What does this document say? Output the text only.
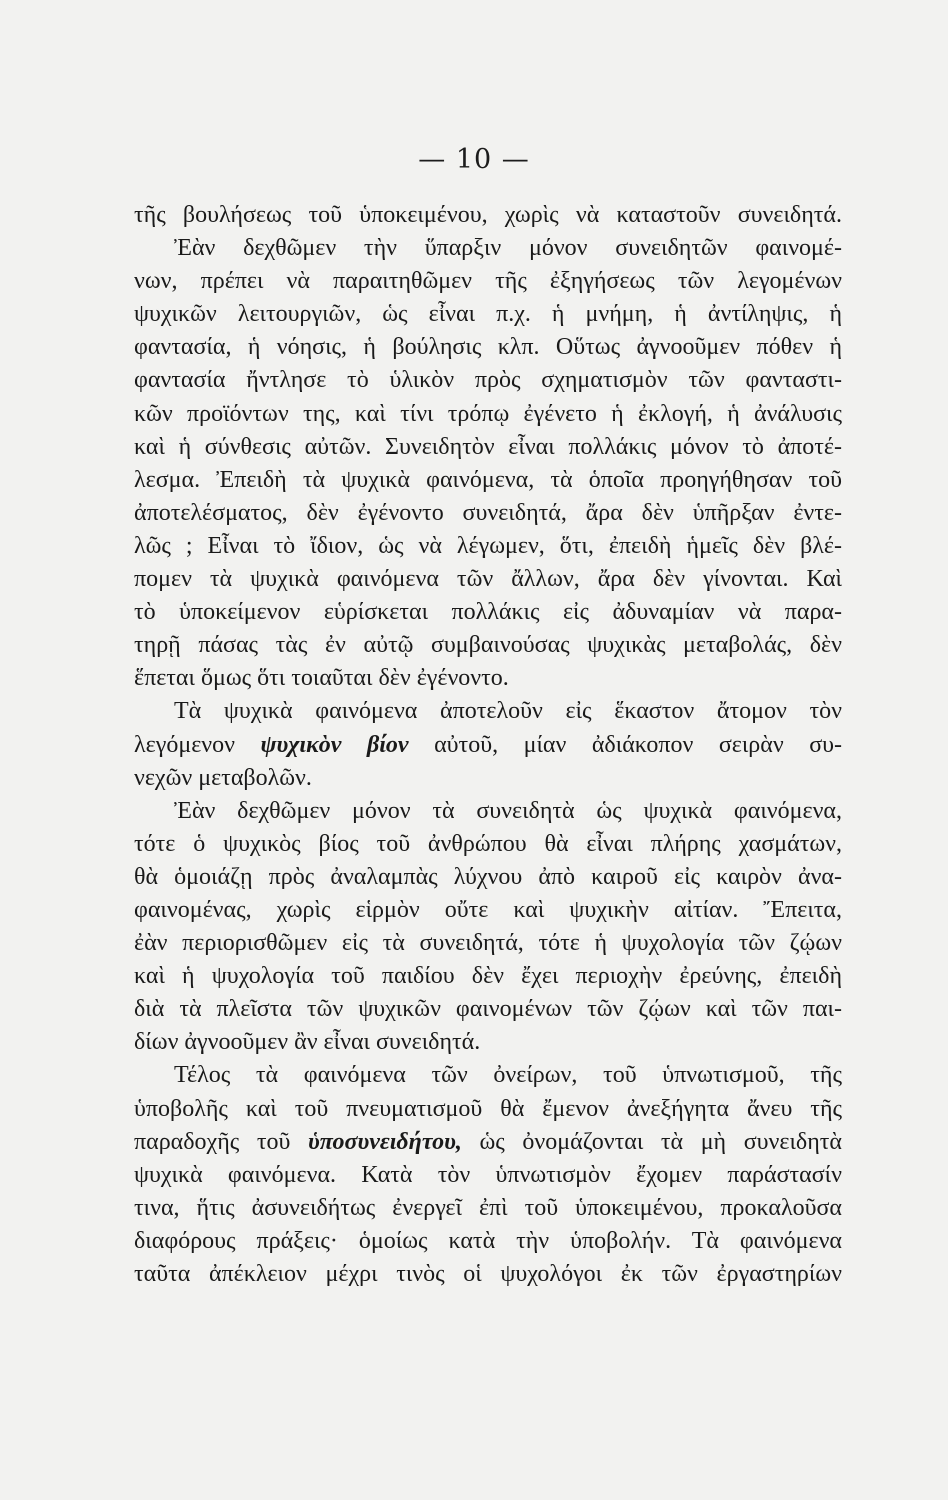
— 10 —
τῆς βουλήσεως τοῦ ὑποκειμένου, χωρὶς νὰ καταστοῦν συνειδητά.
Ἐὰν δεχθῶμεν τὴν ὕπαρξιν μόνον συνειδητῶν φαινομέ-
νων, πρέπει νὰ παραιτηθῶμεν τῆς ἐξηγήσεως τῶν λεγομένων
ψυχικῶν λειτουργιῶν, ὡς εἶναι π.χ. ἡ μνήμη, ἡ ἀντίληψις, ἡ
φαντασία, ἡ νόησις, ἡ βούλησις κλπ. Οὕτως ἀγνοοῦμεν πόθεν ἡ
φαντασία ἤντλησε τὸ ὑλικὸν πρὸς σχηματισμὸν τῶν φανταστι-
κῶν προϊόντων της, καὶ τίνι τρόπῳ ἐγένετο ἡ ἐκλογή, ἡ ἀνάλυσις
καὶ ἡ σύνθεσις αὐτῶν. Συνειδητὸν εἶναι πολλάκις μόνον τὸ ἀποτέ-
λεσμα. Ἐπειδὴ τὰ ψυχικὰ φαινόμενα, τὰ ὁποῖα προηγήθησαν τοῦ
ἀποτελέσματος, δὲν ἐγένοντο συνειδητά, ἄρα δὲν ὑπῆρξαν ἐντε-
λῶς ; Εἶναι τὸ ἴδιον, ὡς νὰ λέγωμεν, ὅτι, ἐπειδὴ ἡμεῖς δὲν βλέ-
πομεν τὰ ψυχικὰ φαινόμενα τῶν ἄλλων, ἄρα δὲν γίνονται. Καὶ
τὸ ὑποκείμενον εὑρίσκεται πολλάκις εἰς ἀδυναμίαν νὰ παρα-
τηρῇ πάσας τὰς ἐν αὐτῷ συμβαινούσας ψυχικὰς μεταβολάς, δὲν
ἕπεται ὅμως ὅτι τοιαῦται δὲν ἐγένοντο.
Τὰ ψυχικὰ φαινόμενα ἀποτελοῦν εἰς ἕκαστον ἄτομον τὸν
λεγόμενον ψυχικὸν βίον αὐτοῦ, μίαν ἀδιάκοπον σειρὰν συ-
νεχῶν μεταβολῶν.
Ἐὰν δεχθῶμεν μόνον τὰ συνειδητὰ ὡς ψυχικὰ φαινόμενα,
τότε ὁ ψυχικὸς βίος τοῦ ἀνθρώπου θὰ εἶναι πλήρης χασμάτων,
θὰ ὁμοιάζῃ πρὸς ἀναλαμπὰς λύχνου ἀπὸ καιροῦ εἰς καιρὸν ἀνα-
φαινομένας, χωρὶς εἱρμὸν οὔτε καὶ ψυχικὴν αἰτίαν. Ἔπειτα,
ἐὰν περιορισθῶμεν εἰς τὰ συνειδητά, τότε ἡ ψυχολογία τῶν ζῴων
καὶ ἡ ψυχολογία τοῦ παιδίου δὲν ἔχει περιοχὴν ἐρεύνης, ἐπειδὴ
διὰ τὰ πλεῖστα τῶν ψυχικῶν φαινομένων τῶν ζῴων καὶ τῶν παι-
δίων ἀγνοοῦμεν ἂν εἶναι συνειδητά.
Τέλος τὰ φαινόμενα τῶν ὀνείρων, τοῦ ὑπνωτισμοῦ, τῆς
ὑποβολῆς καὶ τοῦ πνευματισμοῦ θὰ ἔμενον ἀνεξήγητα ἄνευ τῆς
παραδοχῆς τοῦ ὑποσυνειδήτου, ὡς ὀνομάζονται τὰ μὴ συνειδητὰ
ψυχικὰ φαινόμενα. Κατὰ τὸν ὑπνωτισμὸν ἔχομεν παράστασίν
τινα, ἥτις ἀσυνειδήτως ἐνεργεῖ ἐπὶ τοῦ ὑποκειμένου, προκαλοῦσα
διαφόρους πράξεις· ὁμοίως κατὰ τὴν ὑποβολήν. Τὰ φαινόμενα
ταῦτα ἀπέκλειον μέχρι τινὸς οἱ ψυχολόγοι ἐκ τῶν ἐργαστηρίων
